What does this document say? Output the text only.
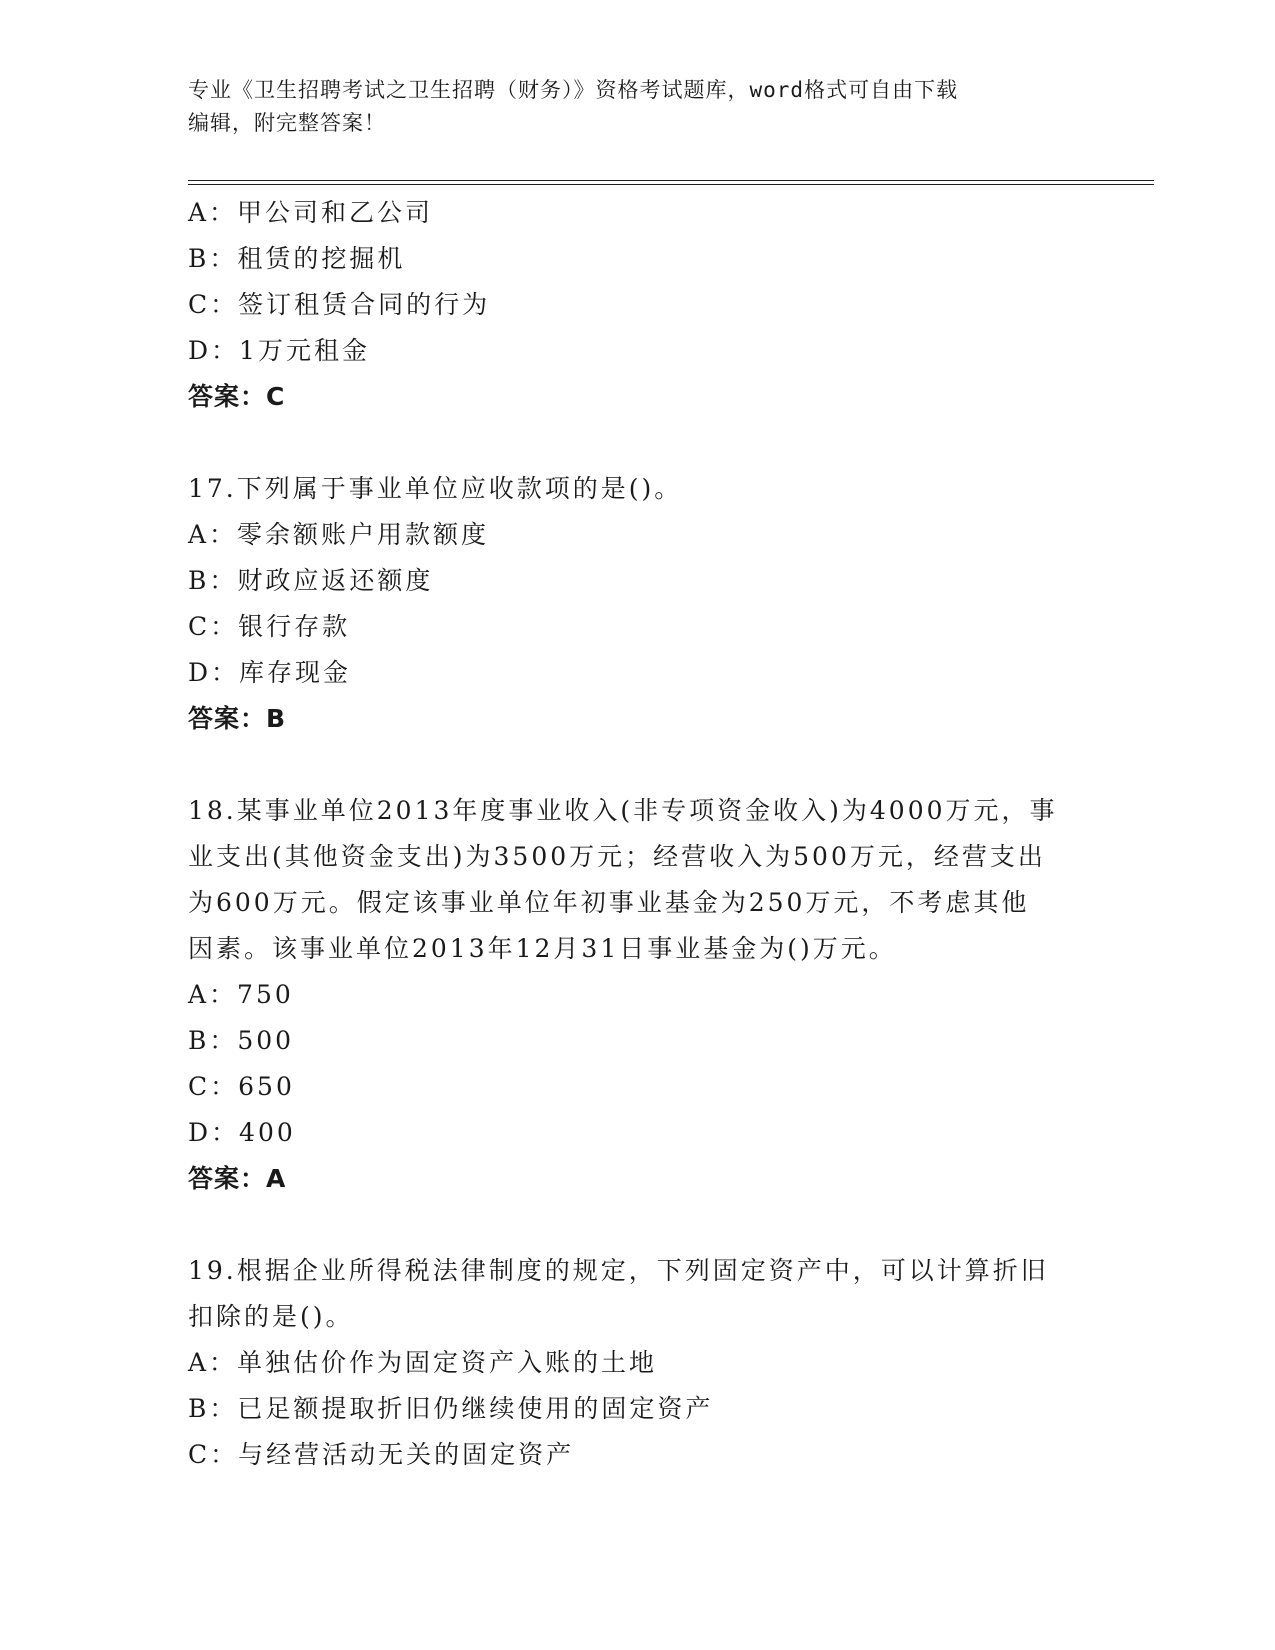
专业《卫生招聘考试之卫生招聘（财务）》资格考试题库，word格式可自由下载
编辑，附完整答案！
A：甲公司和乙公司
B：租赁的挖掘机
C：签订租赁合同的行为
D：1万元租金
答案：C
17.下列属于事业单位应收款项的是()。
A：零余额账户用款额度
B：财政应返还额度
C：银行存款
D：库存现金
答案：B
18.某事业单位2013年度事业收入(非专项资金收入)为4000万元，事
业支出(其他资金支出)为3500万元；经营收入为500万元，经营支出
为600万元。假定该事业单位年初事业基金为250万元，不考虑其他
因素。该事业单位2013年12月31日事业基金为()万元。
A：750
B：500
C：650
D：400
答案：A
19.根据企业所得税法律制度的规定，下列固定资产中，可以计算折旧
扣除的是()。
A：单独估价作为固定资产入账的土地
B：已足额提取折旧仍继续使用的固定资产
C：与经营活动无关的固定资产
